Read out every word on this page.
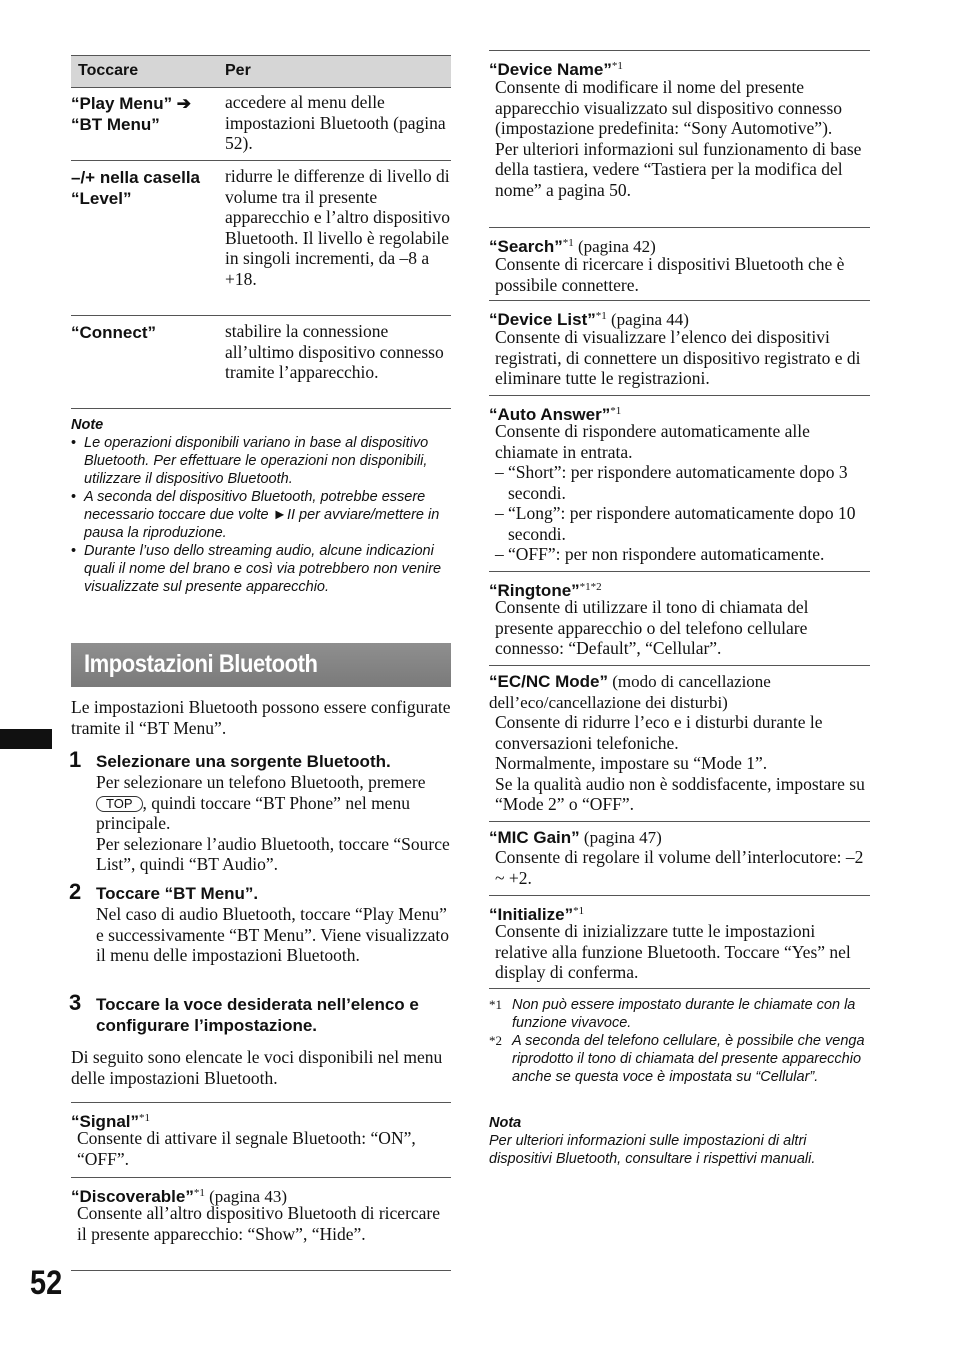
Toccare	Per
“Play Menu” ➔ “BT Menu”
accedere al menu delle impostazioni Bluetooth (pagina 52).
–/+ nella casella “Level”
ridurre le differenze di livello di volume tra il presente apparecchio e l’altro dispositivo Bluetooth. Il livello è regolabile in singoli incrementi, da –8 a +18.
“Connect”	stabilire la connessione all’ultimo dispositivo connesso tramite l’apparecchio.
Note
• Le operazioni disponibili variano in base al dispositivo Bluetooth. Per effettuare le operazioni non disponibili, utilizzare il dispositivo Bluetooth.
• A seconda del dispositivo Bluetooth, potrebbe essere necessario toccare due volte ►II per avviare/mettere in pausa la riproduzione.
• Durante l’uso dello streaming audio, alcune indicazioni quali il nome del brano e così via potrebbero non venire visualizzate sul presente apparecchio.
Impostazioni Bluetooth
Le impostazioni Bluetooth possono essere configurate tramite il “BT Menu”.
1 Selezionare una sorgente Bluetooth.
Per selezionare un telefono Bluetooth, premere TOP , quindi toccare “BT Phone” nel menu principale.
Per selezionare l’audio Bluetooth, toccare “Source List”, quindi “BT Audio”.
2 Toccare “BT Menu”.
Nel caso di audio Bluetooth, toccare “Play Menu” e successivamente “BT Menu”. Viene visualizzato il menu delle impostazioni Bluetooth.
3 Toccare la voce desiderata nell’elenco e configurare l’impostazione.
Di seguito sono elencate le voci disponibili nel menu delle impostazioni Bluetooth.
“Signal”$^{*1}$
Consente di attivare il segnale Bluetooth: “ON”, “OFF”.
“Discoverable”$^{*1}$ (pagina 43)
Consente all’altro dispositivo Bluetooth di ricercare il presente apparecchio: “Show”, “Hide”.
“Device Name”$^{*1}$
Consente di modificare il nome del presente apparecchio visualizzato sul dispositivo connesso (impostazione predefinita: “Sony Automotive”).
Per ulteriori informazioni sul funzionamento di base della tastiera, vedere “Tastiera per la modifica del nome” a pagina 50.
“Search”$^{*1}$ (pagina 42)
Consente di ricercare i dispositivi Bluetooth che è possibile connettere.
“Device List”$^{*1}$ (pagina 44)
Consente di visualizzare l’elenco dei dispositivi registrati, di connettere un dispositivo registrato e di eliminare tutte le registrazioni.
“Auto Answer”$^{*1}$
Consente di rispondere automaticamente alle chiamate in entrata.
– “Short”: per rispondere automaticamente dopo 3 secondi.
– “Long”: per rispondere automaticamente dopo 10 secondi.
– “OFF”: per non rispondere automaticamente.
“Ringtone”$^{*1*2}$
Consente di utilizzare il tono di chiamata del presente apparecchio o del telefono cellulare connesso: “Default”, “Cellular”.
“EC/NC Mode” (modo di cancellazione
dell’eco/cancellazione dei disturbi)
Consente di ridurre l’eco e i disturbi durante le conversazioni telefoniche.
Normalmente, impostare su “Mode 1”.
Se la qualità audio non è soddisfacente, impostare su “Mode 2” o “OFF”.
“MIC Gain” (pagina 47)
Consente di regolare il volume dell’interlocutore: –2 ~ +2.
“Initialize”$^{*1}$
Consente di inizializzare tutte le impostazioni relative alla funzione Bluetooth. Toccare “Yes” nel display di conferma.
*1 Non può essere impostato durante le chiamate con la funzione vivavoce.
*2 A seconda del telefono cellulare, è possibile che venga riprodotto il tono di chiamata del presente apparecchio anche se questa voce è impostata su “Cellular”.
Nota
Per ulteriori informazioni sulle impostazioni di altri dispositivi Bluetooth, consultare i rispettivi manuali.
52
